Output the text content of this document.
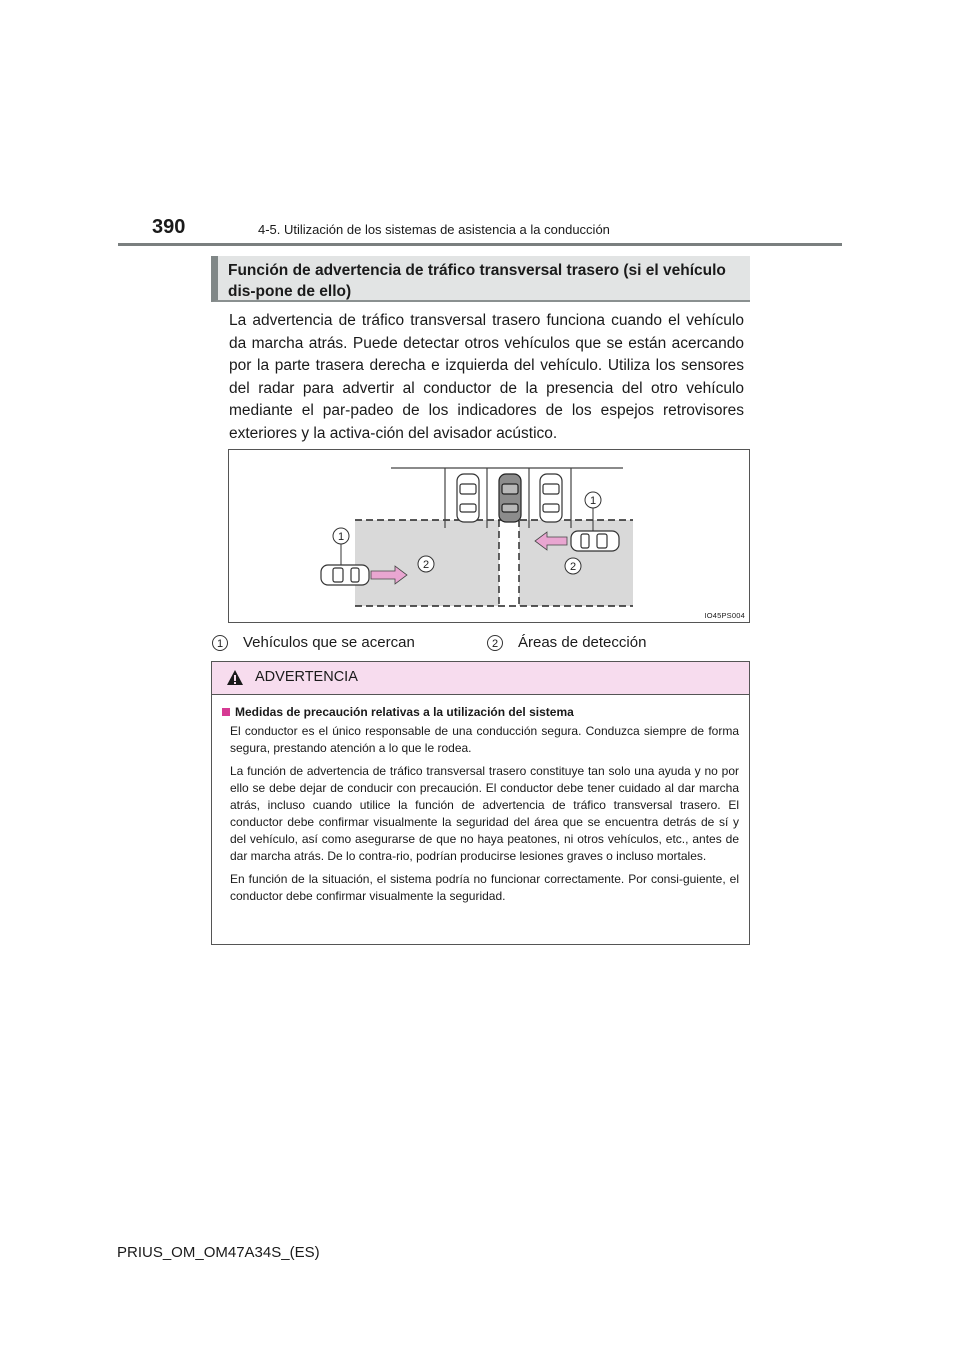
390	4-5. Utilización de los sistemas de asistencia a la conducción
Función de advertencia de tráfico transversal trasero (si el vehículo dis-pone de ello)

La advertencia de tráfico transversal trasero funciona cuando el vehículo da marcha atrás. Puede detectar otros vehículos que se están acercando por la parte trasera derecha e izquierda del vehículo. Utiliza los sensores del radar para advertir al conductor de la presencia del otro vehículo mediante el par-padeo de los indicadores de los espejos retrovisores exteriores y la activa-ción del avisador acústico.

1
2	2
1
IO45PS004
1	Vehículos que se acercan	2	Áreas de detección
ADVERTENCIA
Medidas de precaución relativas a la utilización del sistema

El conductor es el único responsable de una conducción segura. Conduzca siempre de forma segura, prestando atención a lo que le rodea.

La función de advertencia de tráfico transversal trasero constituye tan solo una ayuda y no por ello se debe dejar de conducir con precaución. El conductor debe tener cuidado al dar marcha atrás, incluso cuando utilice la función de advertencia de tráfico transversal trasero. El conductor debe confirmar visualmente la seguridad del área que se encuentra detrás de sí y del vehículo, así como asegurarse de que no haya peatones, ni otros vehículos, etc., antes de dar marcha atrás. De lo contra-rio, podrían producirse lesiones graves o incluso mortales.

En función de la situación, el sistema podría no funcionar correctamente. Por consi-guiente, el conductor debe confirmar visualmente la seguridad.

PRIUS_OM_OM47A34S_(ES)
